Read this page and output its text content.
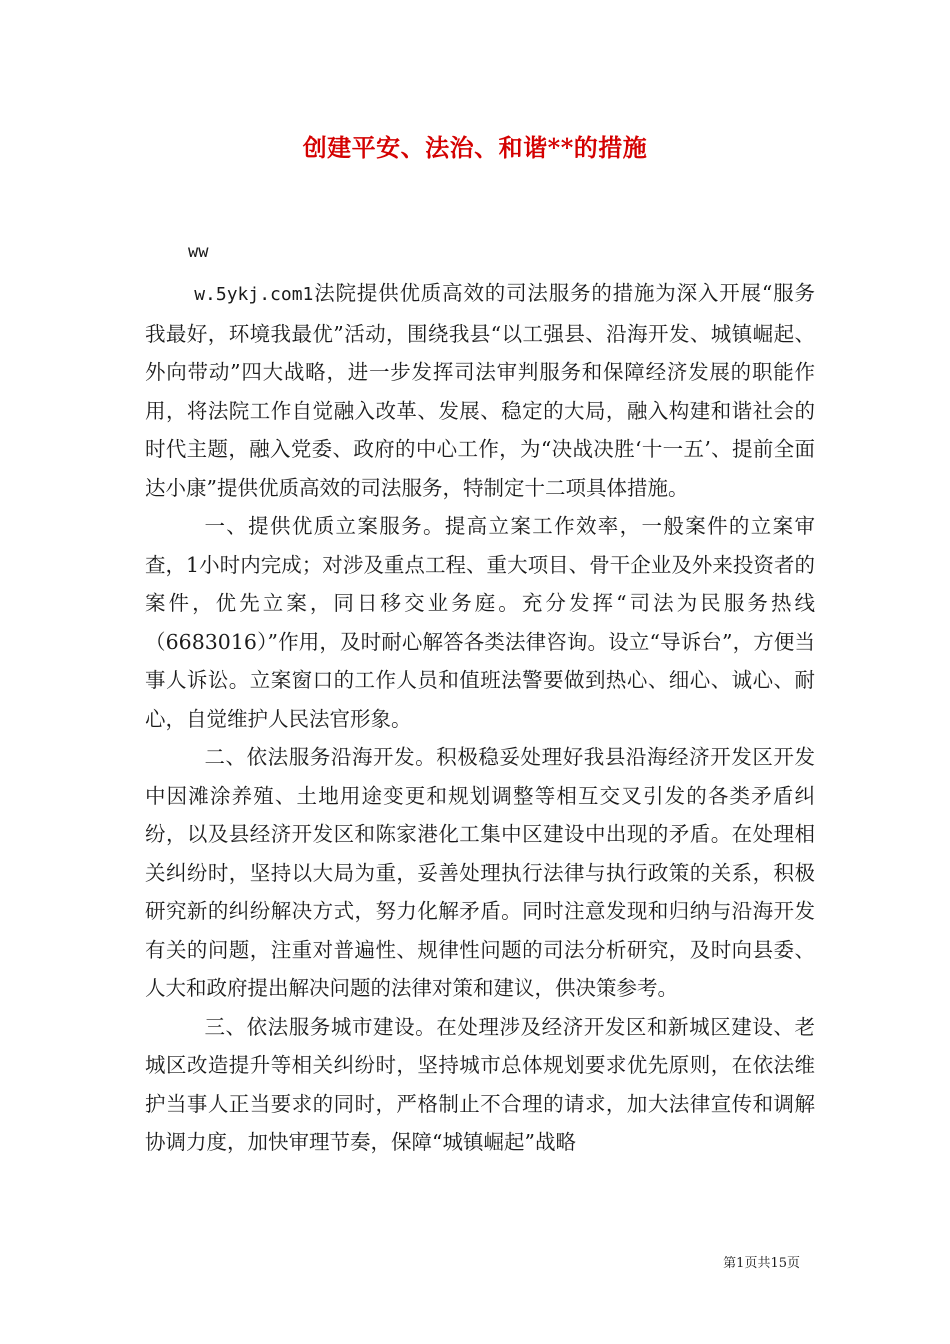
创建平安、法治、和谐**的措施
ww

w.5ykj.com1法院提供优质高效的司法服务的措施为深入开展“服务我最好，环境我最优”活动，围绕我县“以工强县、沿海开发、城镇崛起、外向带动”四大战略，进一步发挥司法审判服务和保障经济发展的职能作用，将法院工作自觉融入改革、发展、稳定的大局，融入构建和谐社会的时代主题，融入党委、政府的中心工作，为“决战决胜‘十一五’、提前全面达小康”提供优质高效的司法服务，特制定十二项具体措施。

一、提供优质立案服务。提高立案工作效率，一般案件的立案审查，1小时内完成；对涉及重点工程、重大项目、骨干企业及外来投资者的案件，优先立案，同日移交业务庭。充分发挥“司法为民服务热线（6683016）”作用，及时耐心解答各类法律咨询。设立“导诉台”，方便当事人诉讼。立案窗口的工作人员和值班法警要做到热心、细心、诚心、耐心，自觉维护人民法官形象。

二、依法服务沿海开发。积极稳妥处理好我县沿海经济开发区开发中因滩涂养殖、土地用途变更和规划调整等相互交叉引发的各类矛盾纠纷，以及县经济开发区和陈家港化工集中区建设中出现的矛盾。在处理相关纠纷时，坚持以大局为重，妥善处理执行法律与执行政策的关系，积极研究新的纠纷解决方式，努力化解矛盾。同时注意发现和归纳与沿海开发有关的问题，注重对普遍性、规律性问题的司法分析研究，及时向县委、人大和政府提出解决问题的法律对策和建议，供决策参考。

三、依法服务城市建设。在处理涉及经济开发区和新城区建设、老城区改造提升等相关纠纷时，坚持城市总体规划要求优先原则，在依法维护当事人正当要求的同时，严格制止不合理的请求，加大法律宣传和调解协调力度，加快审理节奏，保障“城镇崛起”战略

第1页共15页
